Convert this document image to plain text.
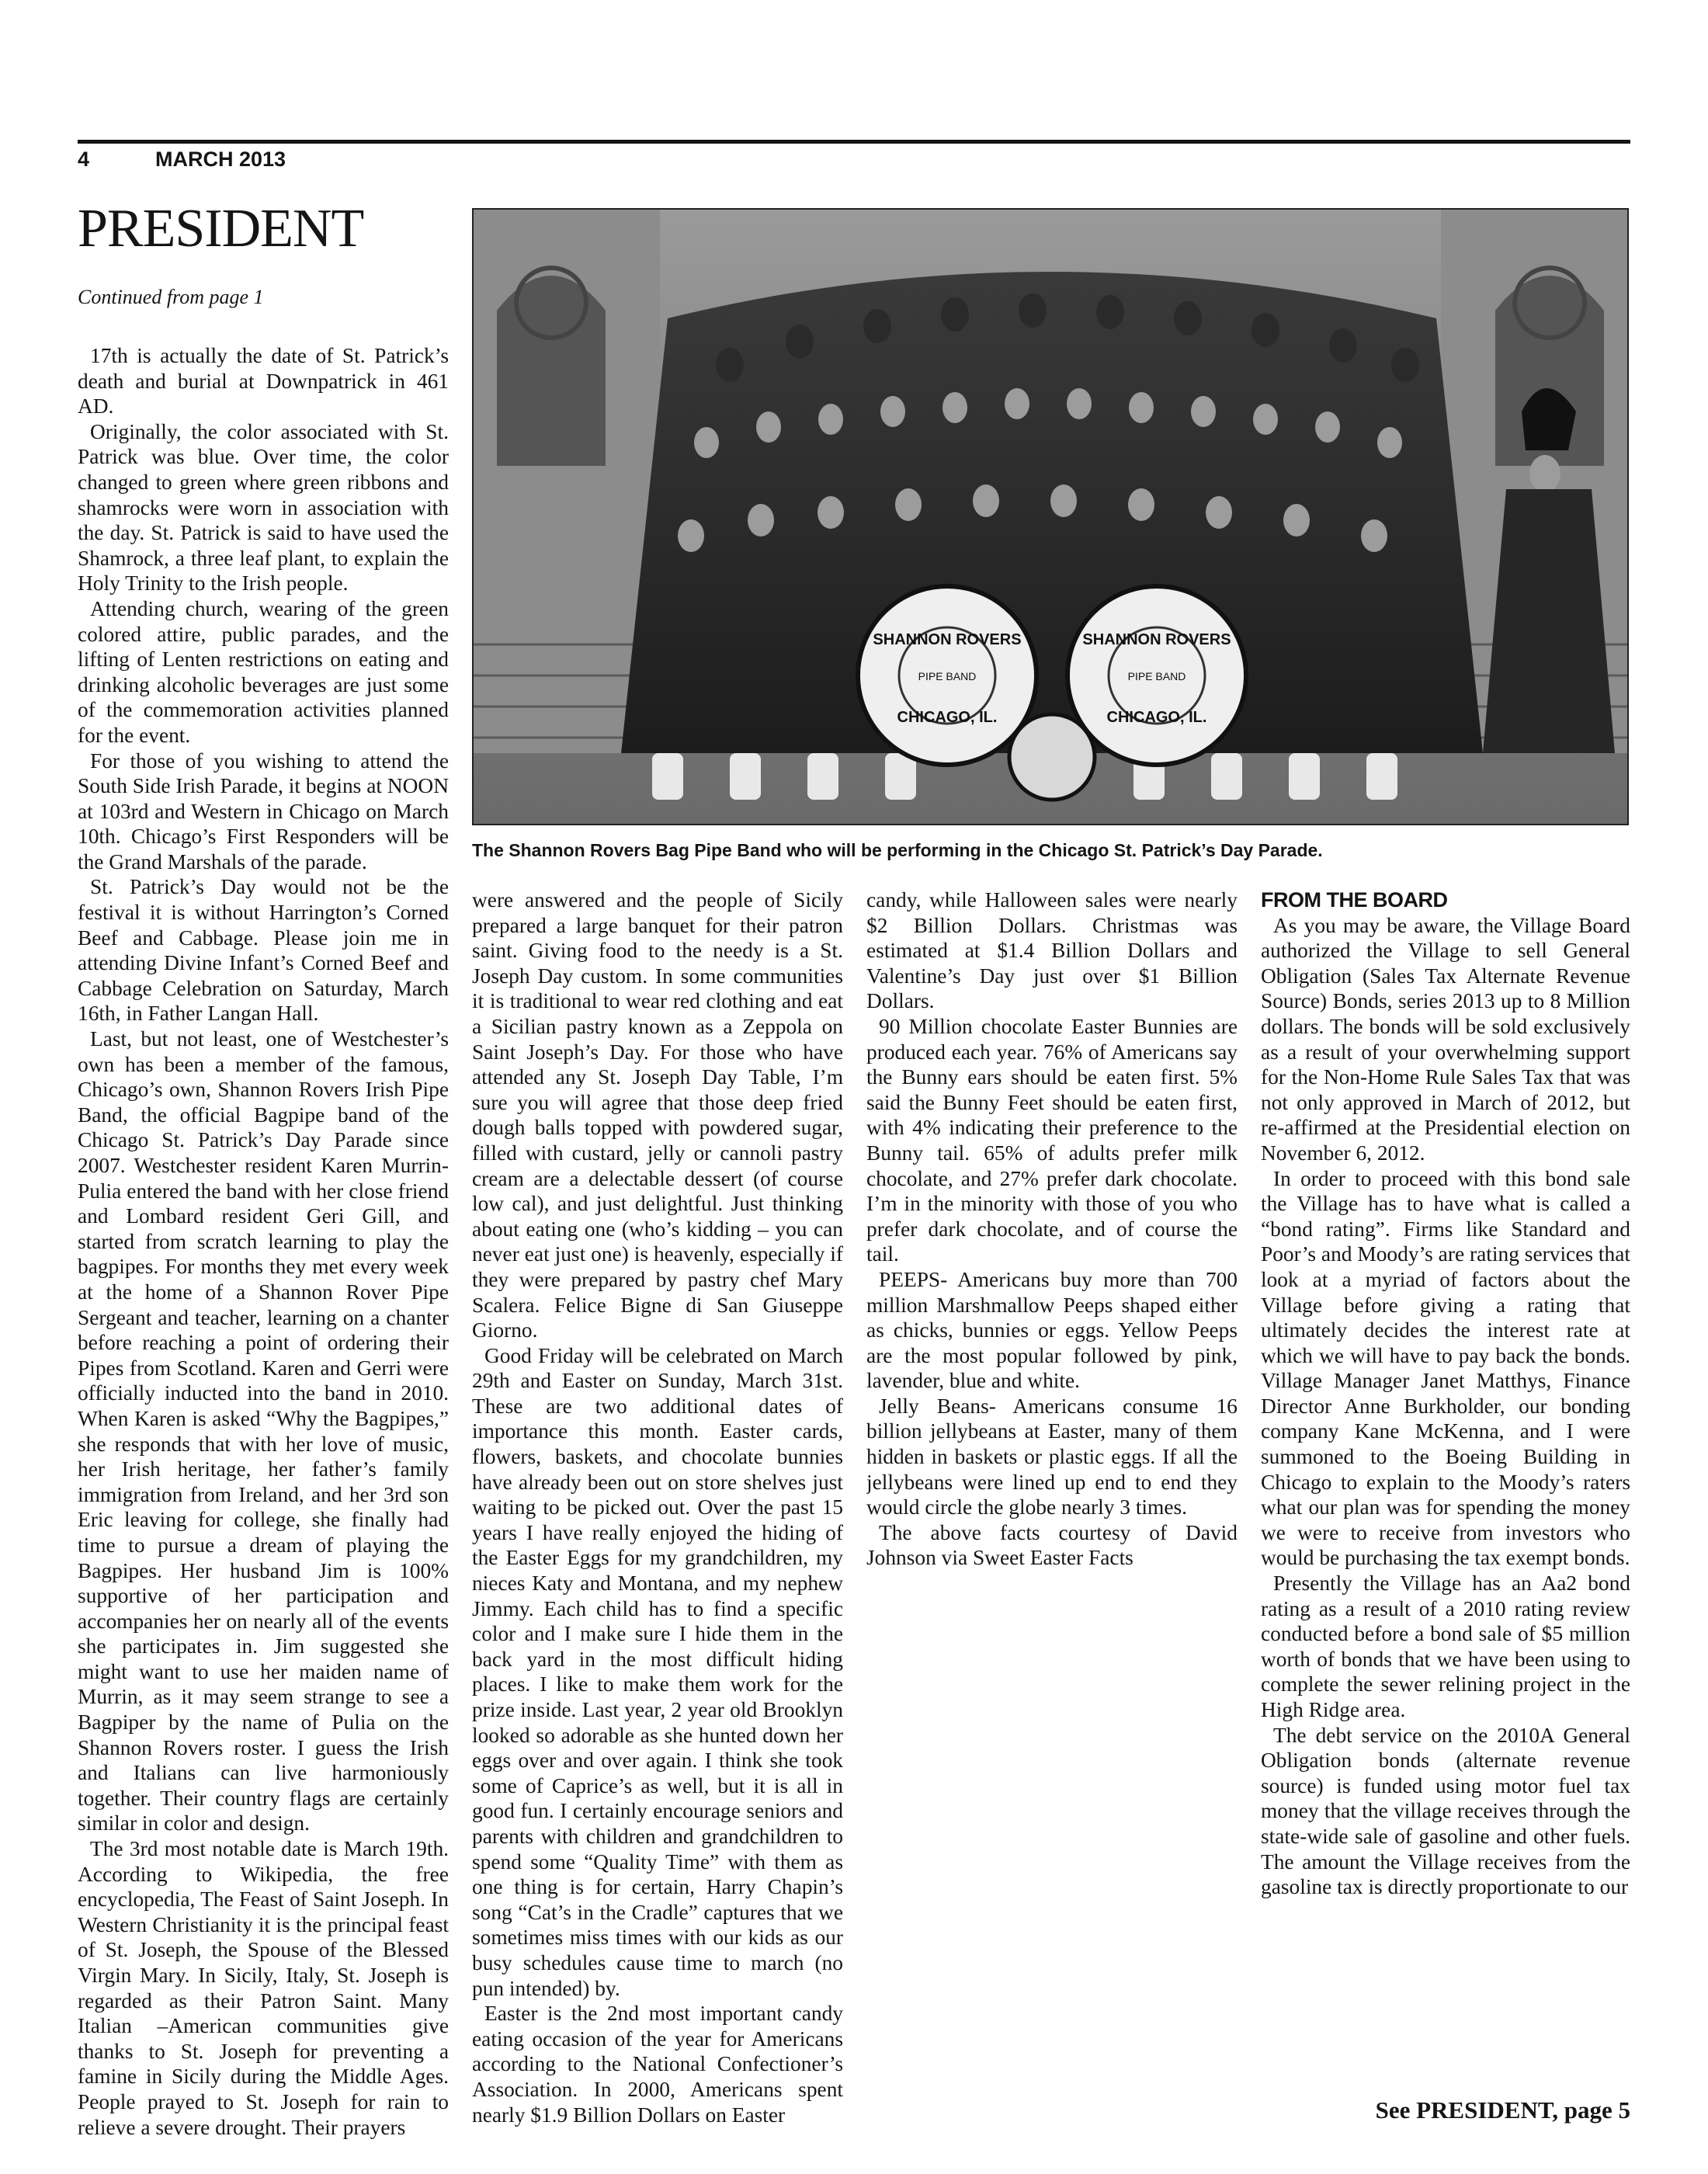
4	MARCH 2013
PRESIDENT
Continued from page 1
SHANNON ROVERS
PIPE BAND
CHICAGO, IL.
SHANNON ROVERS
PIPE BAND
CHICAGO, IL.
The Shannon Rovers Bag Pipe Band who will be performing in the Chicago St. Patrick’s Day Parade.

17th is actually the date of St. Patrick’s death and burial at Downpatrick in 461 AD.

Originally, the color associated with St. Patrick was blue. Over time, the color changed to green where green ribbons and shamrocks were worn in association with the day. St. Patrick is said to have used the Shamrock, a three leaf plant, to explain the Holy Trinity to the Irish people.

Attending church, wearing of the green colored attire, public parades, and the lifting of Lenten restrictions on eating and drinking alcoholic beverages are just some of the commemoration activities planned for the event.

For those of you wishing to attend the South Side Irish Parade, it begins at NOON at 103rd and Western in Chicago on March 10th. Chicago’s First Responders will be the Grand Marshals of the parade.

St. Patrick’s Day would not be the festival it is without Harrington’s Corned Beef and Cabbage. Please join me in attending Divine Infant’s Corned Beef and Cabbage Celebration on Saturday, March 16th, in Father Langan Hall.

Last, but not least, one of Westchester’s own has been a member of the famous, Chicago’s own, Shannon Rovers Irish Pipe Band, the official Bagpipe band of the Chicago St. Patrick’s Day Parade since 2007. Westchester resident Karen Murrin-Pulia entered the band with her close friend and Lombard resident Geri Gill, and started from scratch learning to play the bagpipes. For months they met every week at the home of a Shannon Rover Pipe Sergeant and teacher, learning on a chanter before reaching a point of ordering their Pipes from Scotland. Karen and Gerri were officially inducted into the band in 2010. When Karen is asked “Why the Bagpipes,” she responds that with her love of music, her Irish heritage, her father’s family immigration from Ireland, and her 3rd son Eric leaving for college, she finally had time to pursue a dream of playing the Bagpipes. Her husband Jim is 100% supportive of her participation and accompanies her on nearly all of the events she participates in. Jim suggested she might want to use her maiden name of Murrin, as it may seem strange to see a Bagpiper by the name of Pulia on the Shannon Rovers roster. I guess the Irish and Italians can live harmoniously together. Their country flags are certainly similar in color and design.

The 3rd most notable date is March 19th. According to Wikipedia, the free encyclopedia, The Feast of Saint Joseph. In Western Christianity it is the principal feast of St. Joseph, the Spouse of the Blessed Virgin Mary. In Sicily, Italy, St. Joseph is regarded as their Patron Saint. Many Italian –American communities give thanks to St. Joseph for preventing a famine in Sicily during the Middle Ages. People prayed to St. Joseph for rain to relieve a severe drought. Their prayers

were answered and the people of Sicily prepared a large banquet for their patron saint. Giving food to the needy is a St. Joseph Day custom. In some communities it is traditional to wear red clothing and eat a Sicilian pastry known as a Zeppola on Saint Joseph’s Day. For those who have attended any St. Joseph Day Table, I’m sure you will agree that those deep fried dough balls topped with powdered sugar, filled with custard, jelly or cannoli pastry cream are a delectable dessert (of course low cal), and just delightful. Just thinking about eating one (who’s kidding – you can never eat just one) is heavenly, especially if they were prepared by pastry chef Mary Scalera. Felice Bigne di San Giuseppe Giorno.

Good Friday will be celebrated on March 29th and Easter on Sunday, March 31st. These are two additional dates of importance this month. Easter cards, flowers, baskets, and chocolate bunnies have already been out on store shelves just waiting to be picked out. Over the past 15 years I have really enjoyed the hiding of the Easter Eggs for my grandchildren, my nieces Katy and Montana, and my nephew Jimmy. Each child has to find a specific color and I make sure I hide them in the back yard in the most difficult hiding places. I like to make them work for the prize inside. Last year, 2 year old Brooklyn looked so adorable as she hunted down her eggs over and over again. I think she took some of Caprice’s as well, but it is all in good fun. I certainly encourage seniors and parents with children and grandchildren to spend some “Quality Time” with them as one thing is for certain, Harry Chapin’s song “Cat’s in the Cradle” captures that we sometimes miss times with our kids as our busy schedules cause time to march (no pun intended) by.

Easter is the 2nd most important candy eating occasion of the year for Americans according to the National Confectioner’s Association. In 2000, Americans spent nearly $1.9 Billion Dollars on Easter

candy, while Halloween sales were nearly $2 Billion Dollars. Christmas was estimated at $1.4 Billion Dollars and Valentine’s Day just over $1 Billion Dollars.

90 Million chocolate Easter Bunnies are produced each year. 76% of Americans say the Bunny ears should be eaten first. 5% said the Bunny Feet should be eaten first, with 4% indicating their preference to the Bunny tail. 65% of adults prefer milk chocolate, and 27% prefer dark chocolate. I’m in the minority with those of you who prefer dark chocolate, and of course the tail.

PEEPS- Americans buy more than 700 million Marshmallow Peeps shaped either as chicks, bunnies or eggs. Yellow Peeps are the most popular followed by pink, lavender, blue and white.

Jelly Beans- Americans consume 16 billion jellybeans at Easter, many of them hidden in baskets or plastic eggs. If all the jellybeans were lined up end to end they would circle the globe nearly 3 times.

The above facts courtesy of David Johnson via Sweet Easter Facts

FROM THE BOARD

As you may be aware, the Village Board authorized the Village to sell General Obligation (Sales Tax Alternate Revenue Source) Bonds, series 2013 up to 8 Million dollars. The bonds will be sold exclusively as a result of your overwhelming support for the Non-Home Rule Sales Tax that was not only approved in March of 2012, but re-affirmed at the Presidential election on November 6, 2012.

In order to proceed with this bond sale the Village has to have what is called a “bond rating”. Firms like Standard and Poor’s and Moody’s are rating services that look at a myriad of factors about the Village before giving a rating that ultimately decides the interest rate at which we will have to pay back the bonds. Village Manager Janet Matthys, Finance Director Anne Burkholder, our bonding company Kane McKenna, and I were summoned to the Boeing Building in Chicago to explain to the Moody’s raters what our plan was for spending the money we were to receive from investors who would be purchasing the tax exempt bonds.

Presently the Village has an Aa2 bond rating as a result of a 2010 rating review conducted before a bond sale of $5 million worth of bonds that we have been using to complete the sewer relining project in the High Ridge area.

The debt service on the 2010A General Obligation bonds (alternate revenue source) is funded using motor fuel tax money that the village receives through the state-wide sale of gasoline and other fuels. The amount the Village receives from the gasoline tax is directly proportionate to our

See PRESIDENT, page 5
